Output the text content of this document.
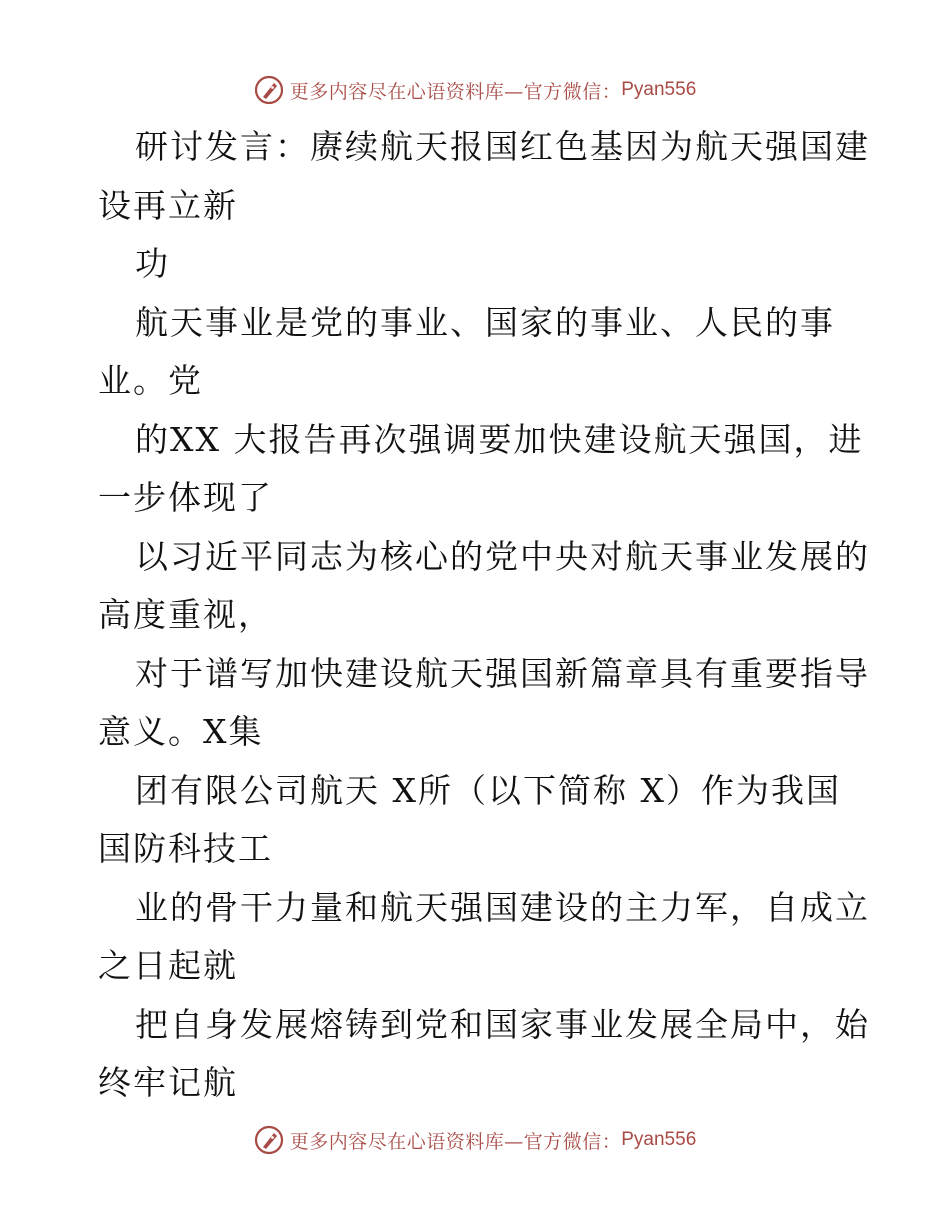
更多内容尽在心语资料库—官方微信： Pyan556
研讨发言：赓续航天报国红色基因为航天强国建
设再立新
功
航天事业是党的事业、国家的事业、人民的事
业。党
的XX 大报告再次强调要加快建设航天强国，进
一步体现了
以习近平同志为核心的党中央对航天事业发展的
高度重视，
对于谱写加快建设航天强国新篇章具有重要指导
意义。X集
团有限公司航天 X所（以下简称 X）作为我国
国防科技工
业的骨干力量和航天强国建设的主力军，自成立
之日起就
把自身发展熔铸到党和国家事业发展全局中，始
终牢记航
更多内容尽在心语资料库—官方微信： Pyan556
